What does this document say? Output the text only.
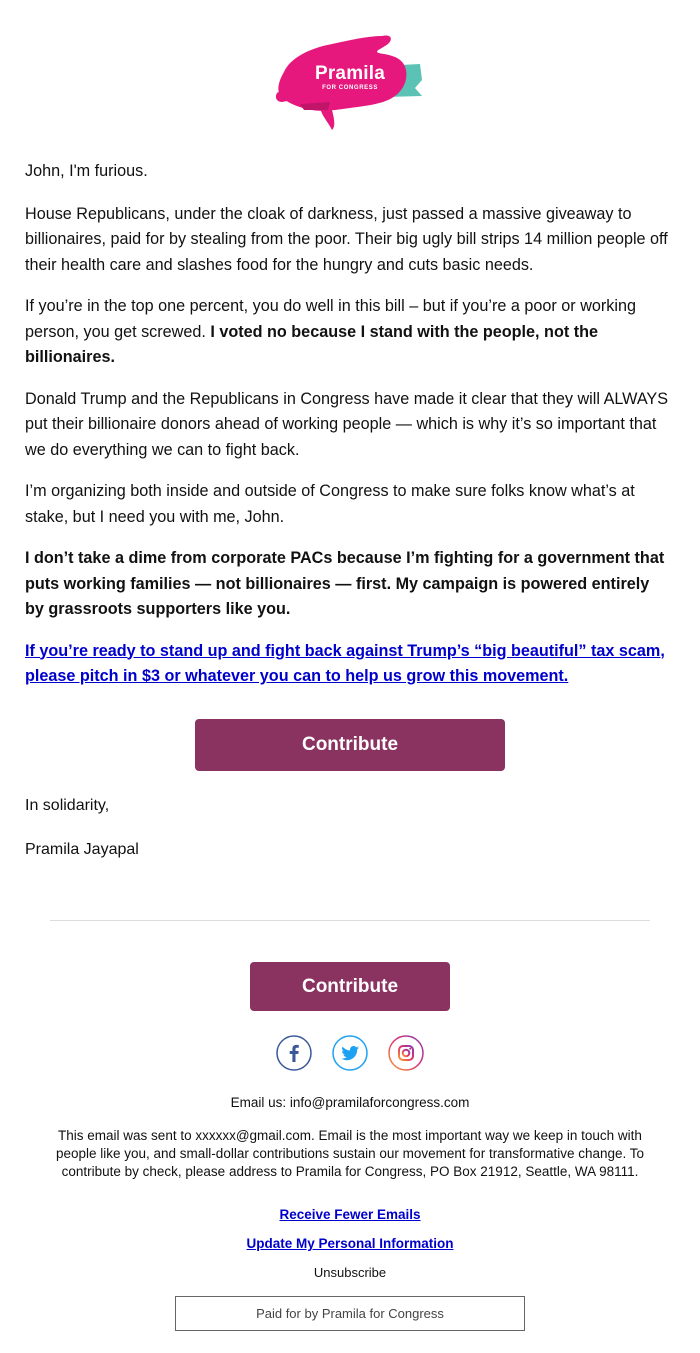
Pramila
FOR CONGRESS

John, I'm furious.

House Republicans, under the cloak of darkness, just passed a massive giveaway to billionaires, paid for by stealing from the poor. Their big ugly bill strips 14 million people off their health care and slashes food for the hungry and cuts basic needs.

If you’re in the top one percent, you do well in this bill – but if you’re a poor or working person, you get screwed. I voted no because I stand with the people, not the billionaires.

Donald Trump and the Republicans in Congress have made it clear that they will ALWAYS put their billionaire donors ahead of working people — which is why it’s so important that we do everything we can to fight back.

I’m organizing both inside and outside of Congress to make sure folks know what’s at stake, but I need you with me, John.

I don’t take a dime from corporate PACs because I’m fighting for a government that puts working families — not billionaires — first. My campaign is powered entirely by grassroots supporters like you.

If you’re ready to stand up and fight back against Trump’s “big beautiful” tax scam, please pitch in $3 or whatever you can to help us grow this movement.

Contribute
In solidarity,
Pramila Jayapal
Contribute
Email us: info@pramilaforcongress.com
This email was sent to xxxxxx@gmail.com. Email is the most important way we keep in touch with people like you, and small-dollar contributions sustain our movement for transformative change. To contribute by check, please address to Pramila for Congress, PO Box 21912, Seattle, WA 98111.
Receive Fewer Emails
Update My Personal Information
Unsubscribe
Paid for by Pramila for Congress
